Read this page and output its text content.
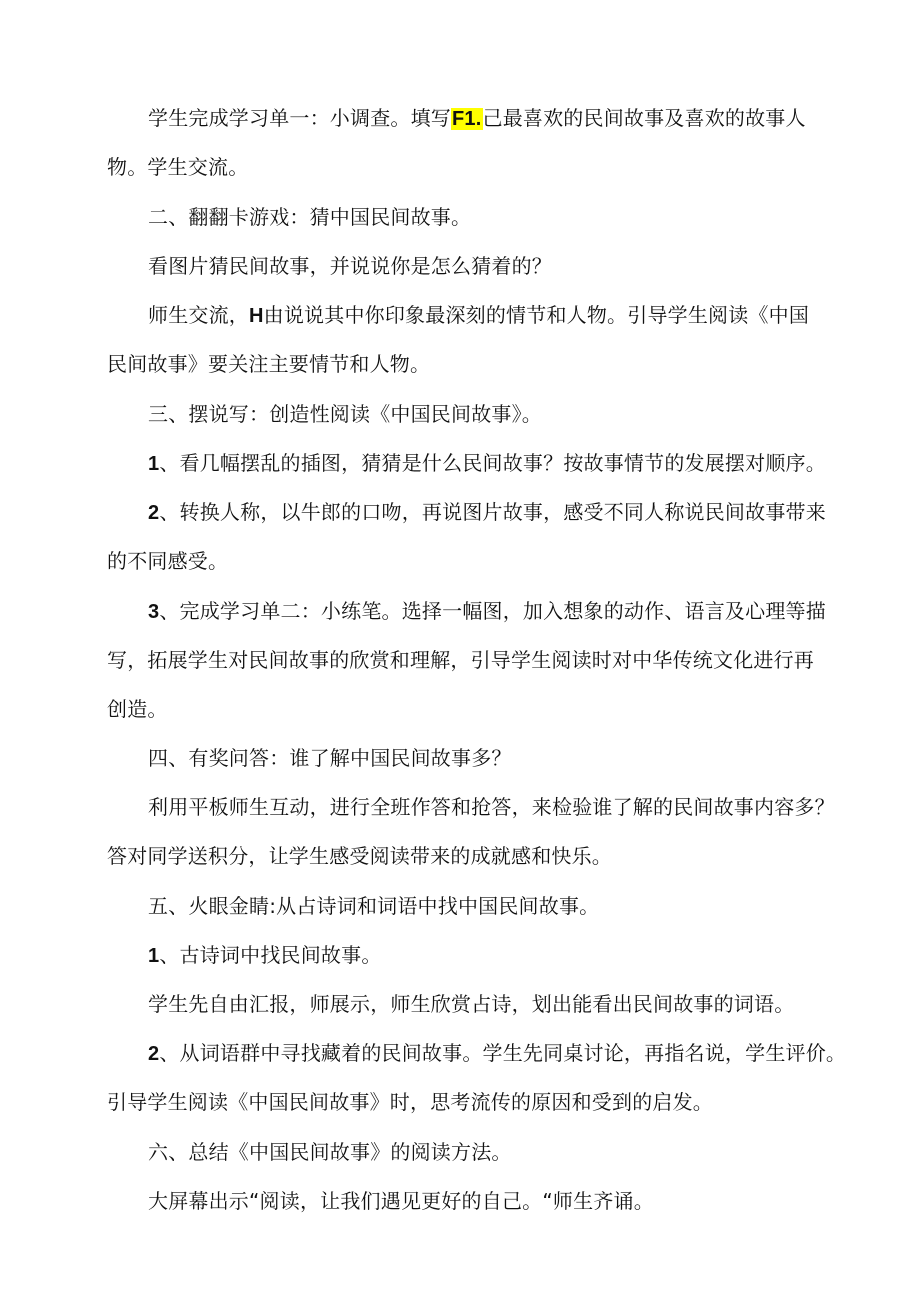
学生完成学习单一：小调查。填写F1.己最喜欢的民间故事及喜欢的故事人
物。学生交流。
二、翻翻卡游戏：猜中国民间故事。
看图片猜民间故事，并说说你是怎么猜着的？
师生交流，H由说说其中你印象最深刻的情节和人物。引导学生阅读《中国
民间故事》要关注主要情节和人物。
三、摆说写：创造性阅读《中国民间故事》。
1、看几幅摆乱的插图，猜猜是什么民间故事？按故事情节的发展摆对顺序。
2、转换人称，以牛郎的口吻，再说图片故事，感受不同人称说民间故事带来
的不同感受。
3、完成学习单二：小练笔。选择一幅图，加入想象的动作、语言及心理等描
写，拓展学生对民间故事的欣赏和理解，引导学生阅读时对中华传统文化进行再
创造。
四、有奖问答：谁了解中国民间故事多？
利用平板师生互动，进行全班作答和抢答，来检验谁了解的民间故事内容多？
答对同学送积分，让学生感受阅读带来的成就感和快乐。
五、火眼金睛:从占诗词和词语中找中国民间故事。
1、古诗词中找民间故事。
学生先自由汇报，师展示，师生欣赏占诗，划出能看出民间故事的词语。
2、从词语群中寻找藏着的民间故事。学生先同桌讨论，再指名说，学生评价。
引导学生阅读《中国民间故事》时，思考流传的原因和受到的启发。
六、总结《中国民间故事》的阅读方法。
大屏幕出示“阅读，让我们遇见更好的自己。“师生齐诵。
